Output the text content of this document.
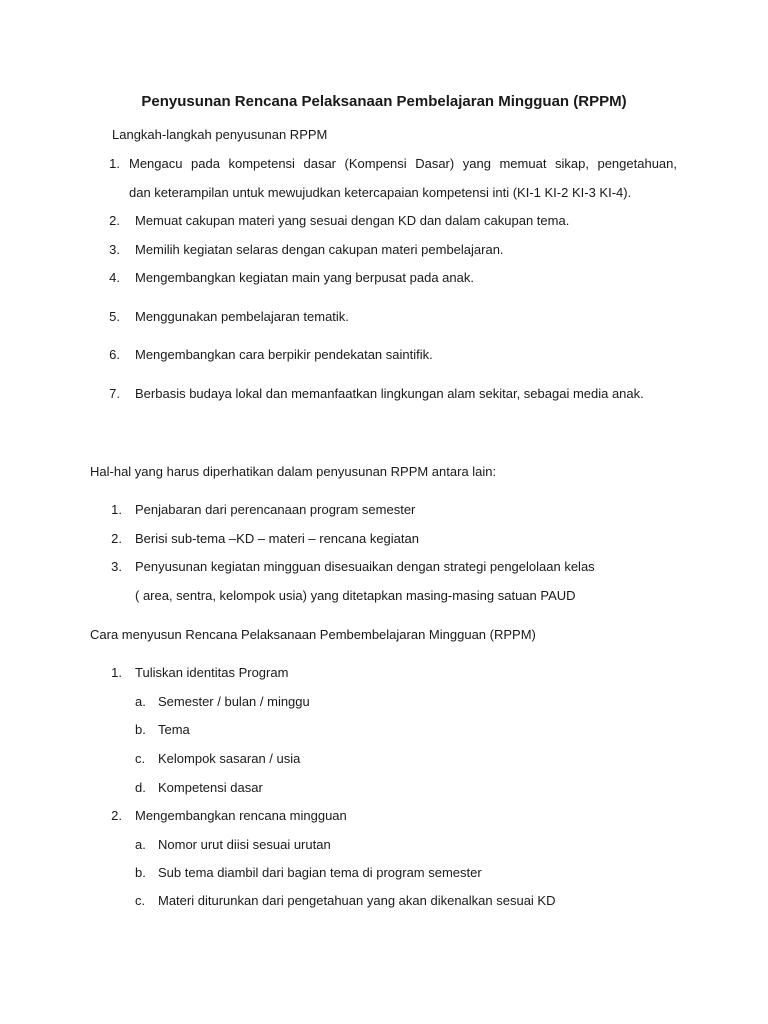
Penyusunan Rencana Pelaksanaan Pembelajaran Mingguan (RPPM)
Langkah-langkah penyusunan RPPM
1. Mengacu pada kompetensi dasar (Kompensi Dasar) yang memuat sikap, pengetahuan,
dan keterampilan untuk mewujudkan ketercapaian kompetensi inti (KI-1 KI-2 KI-3 KI-4).
2. Memuat cakupan materi yang sesuai dengan KD dan dalam cakupan tema.
3. Memilih kegiatan selaras dengan cakupan materi pembelajaran.
4. Mengembangkan kegiatan main yang berpusat pada anak.
5. Menggunakan pembelajaran tematik.
6. Mengembangkan cara berpikir pendekatan saintifik.
7. Berbasis budaya lokal dan memanfaatkan lingkungan alam sekitar, sebagai media anak.
Hal-hal yang harus diperhatikan dalam penyusunan RPPM antara lain:
1. Penjabaran dari perencanaan program semester
2. Berisi sub-tema –KD – materi – rencana kegiatan
3. Penyusunan kegiatan mingguan disesuaikan dengan strategi pengelolaan kelas
( area, sentra, kelompok usia) yang ditetapkan masing-masing satuan PAUD
Cara menyusun Rencana Pelaksanaan Pembembelajaran Mingguan (RPPM)
1. Tuliskan identitas Program
a. Semester / bulan / minggu
b. Tema
c. Kelompok sasaran / usia
d. Kompetensi dasar
2. Mengembangkan rencana mingguan
a. Nomor urut diisi sesuai urutan
b. Sub tema diambil dari bagian tema di program semester
c. Materi diturunkan dari pengetahuan yang akan dikenalkan sesuai KD
